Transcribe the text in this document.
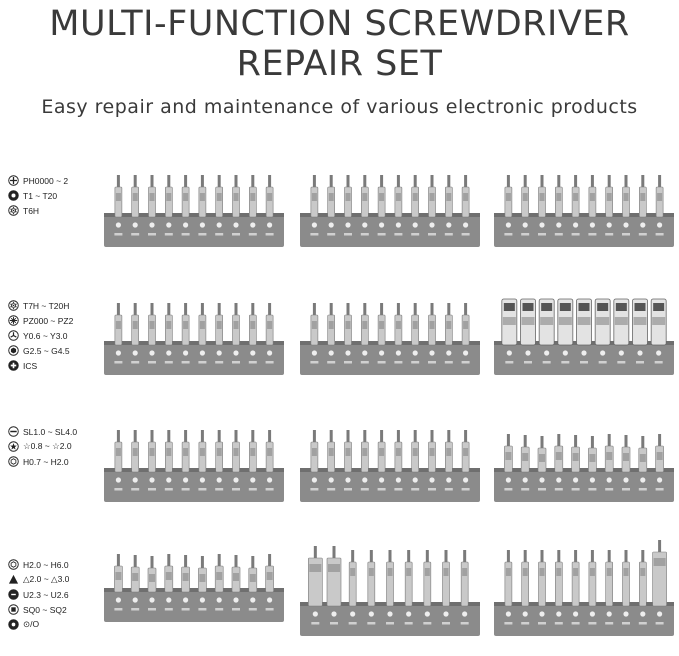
MULTI-FUNCTION SCREWDRIVER
REPAIR SET
Easy repair and maintenance of various electronic products
PH0000 ~ 2
T1 ~ T20
T6H
T7H ~ T20H
PZ000 ~ PZ2
Y0.6 ~ Y3.0
G2.5 ~ G4.5
ICS
SL1.0 ~ SL4.0
☆0.8 ~ ☆2.0
H0.7 ~ H2.0
H2.0 ~ H6.0
△2.0 ~ △3.0
U2.3 ~ U2.6
SQ0 ~ SQ2
⊙/O
